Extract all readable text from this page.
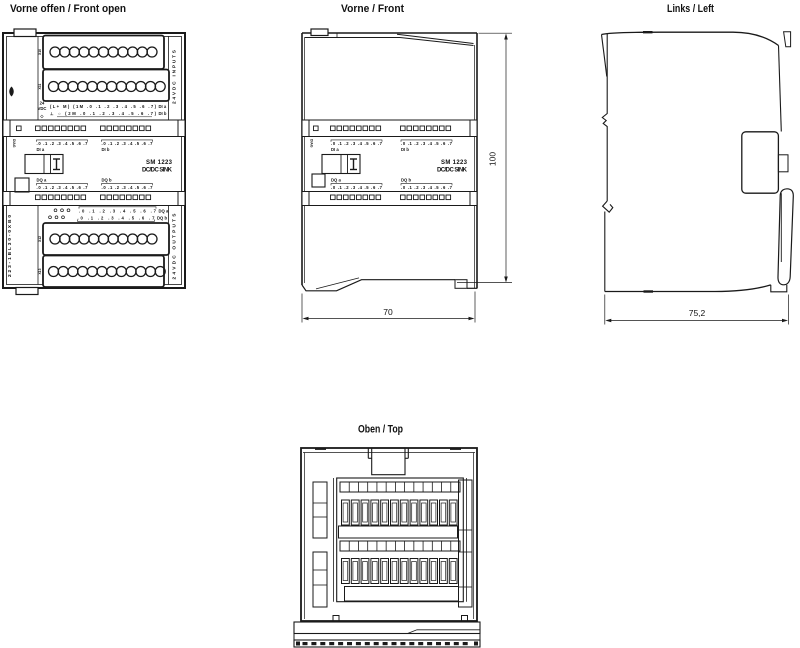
Vorne offen / Front open	Vorne / Front	Links / Left
Oben / Top
X10
X11
X12
X13
24VDC INPUTS
24VDC OUTPUTS
223-1BL30-0XB0
24
VDC
◇
(L+ M) (1M .0 .1 .2 .3 .4 .5 .6 .7) DI a
⊥ ○ (2M .0 .1 .2 .3 .4 .5 .6 .7) DI b
DIAG	.0 .1 .2 .3 .4 .5 .6 .7
DI a
.0 .1 .2 .3 .4 .5 .6 .7
DI b
SM 1223
DC/DC SINK
DQ a
.0 .1 .2 .3 .4 .5 .6 .7
DQ b
.0 .1 .2 .3 .4 .5 .6 .7
.0 .1 .2 .3 .4 .5 .6 .7 DQ a
.0 .1 .2 .3 .4 .5 .6 .7 DQ b
DIAG	.0 .1 .2 .3 .4 .5 .6 .7
DI a
.0 .1 .2 .3 .4 .5 .6 .7
DI b
SM 1223
DC/DC SINK
DQ a
.0 .1 .2 .3 .4 .5 .6 .7
DQ b
.0 .1 .2 .3 .4 .5 .6 .7
100
70	75,2
